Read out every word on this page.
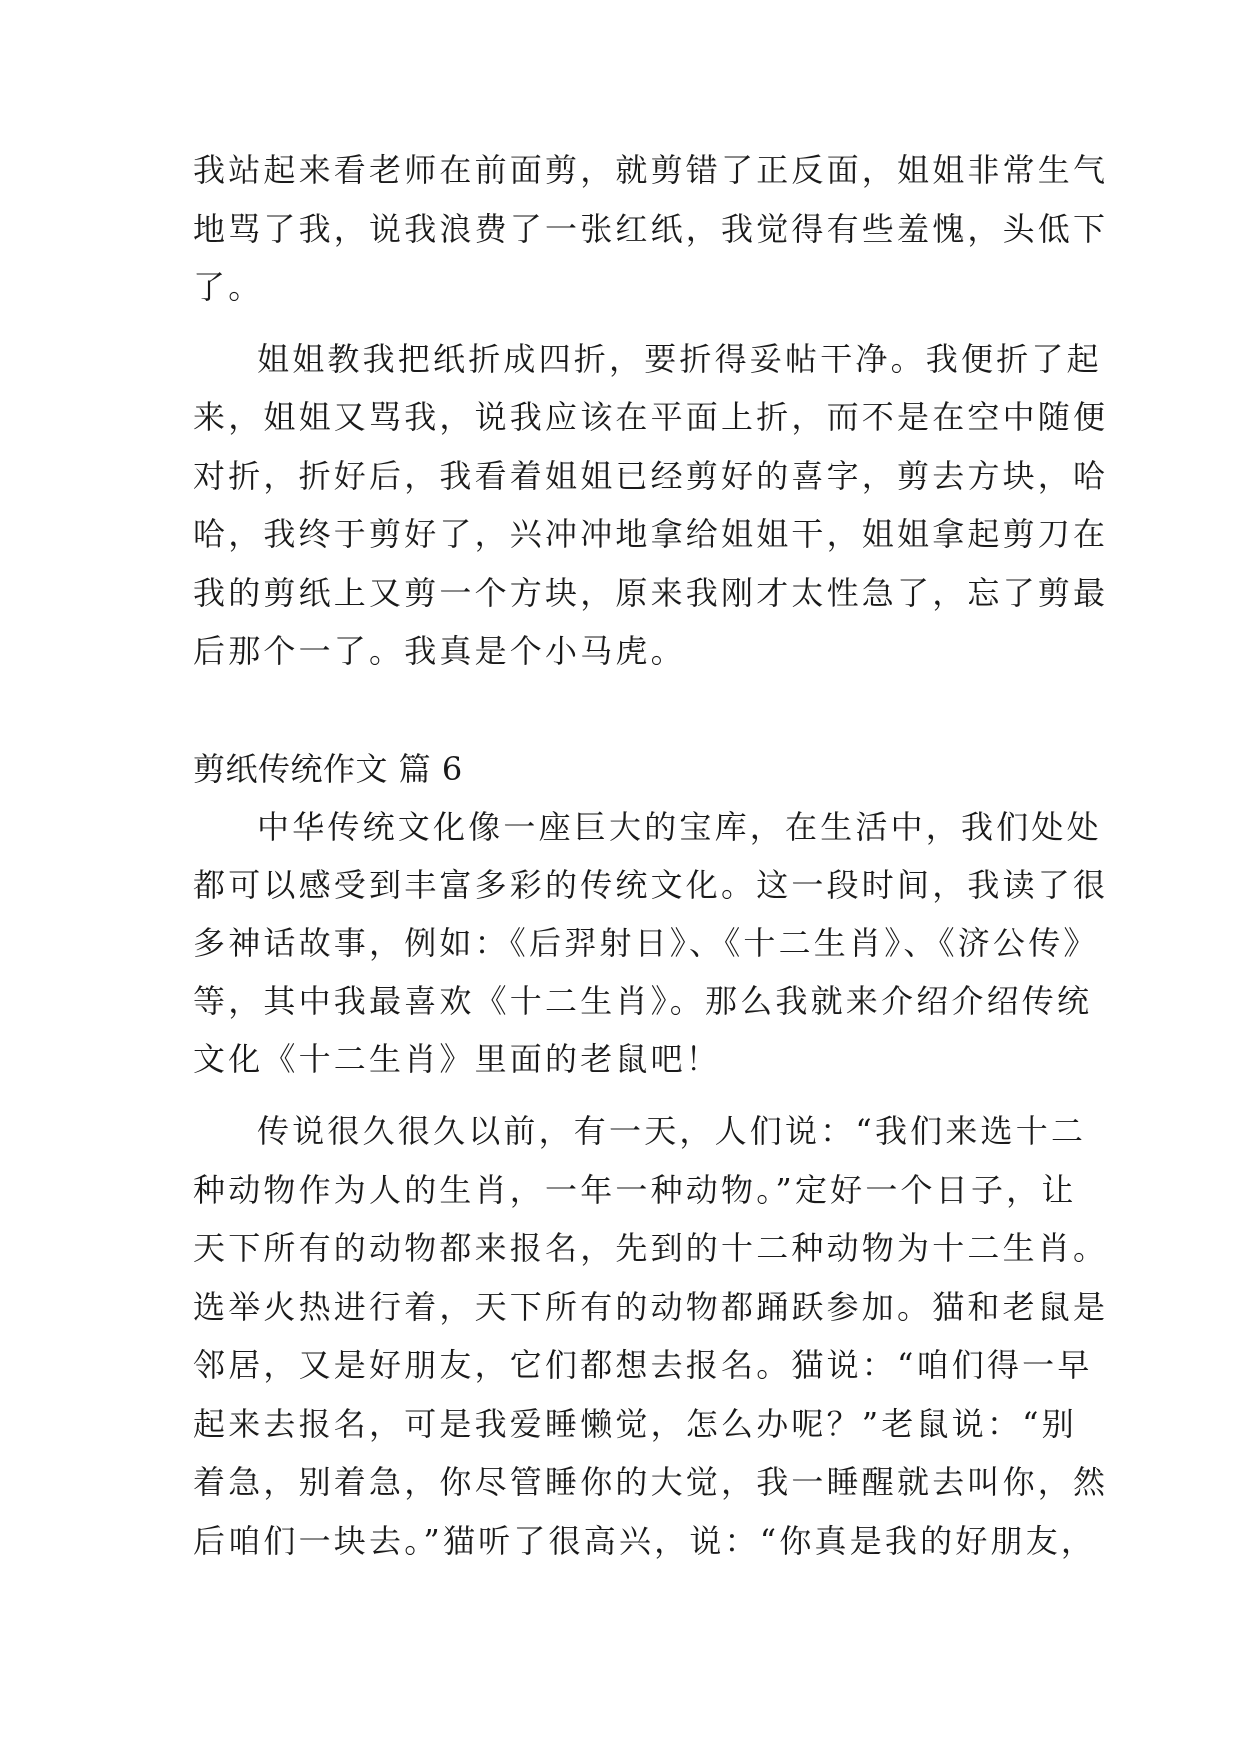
我站起来看老师在前面剪，就剪错了正反面，姐姐非常生气
地骂了我，说我浪费了一张红纸，我觉得有些羞愧，头低下
了。
姐姐教我把纸折成四折，要折得妥帖干净。我便折了起
来，姐姐又骂我，说我应该在平面上折，而不是在空中随便
对折，折好后，我看着姐姐已经剪好的喜字，剪去方块，哈
哈，我终于剪好了，兴冲冲地拿给姐姐干，姐姐拿起剪刀在
我的剪纸上又剪一个方块，原来我刚才太性急了，忘了剪最
后那个一了。我真是个小马虎。
剪纸传统作文 篇 6
中华传统文化像一座巨大的宝库，在生活中，我们处处
都可以感受到丰富多彩的传统文化。这一段时间，我读了很
多神话故事，例如：《后羿射日》、《十二生肖》、《济公传》
等，其中我最喜欢《十二生肖》。那么我就来介绍介绍传统
文化《十二生肖》里面的老鼠吧！
传说很久很久以前，有一天，人们说：“我们来选十二
种动物作为人的生肖，一年一种动物。”定好一个日子，让
天下所有的动物都来报名，先到的十二种动物为十二生肖。
选举火热进行着，天下所有的动物都踊跃参加。猫和老鼠是
邻居，又是好朋友，它们都想去报名。猫说：“咱们得一早
起来去报名，可是我爱睡懒觉，怎么办呢？”老鼠说：“别
着急，别着急，你尽管睡你的大觉，我一睡醒就去叫你，然
后咱们一块去。”猫听了很高兴，说：“你真是我的好朋友，
